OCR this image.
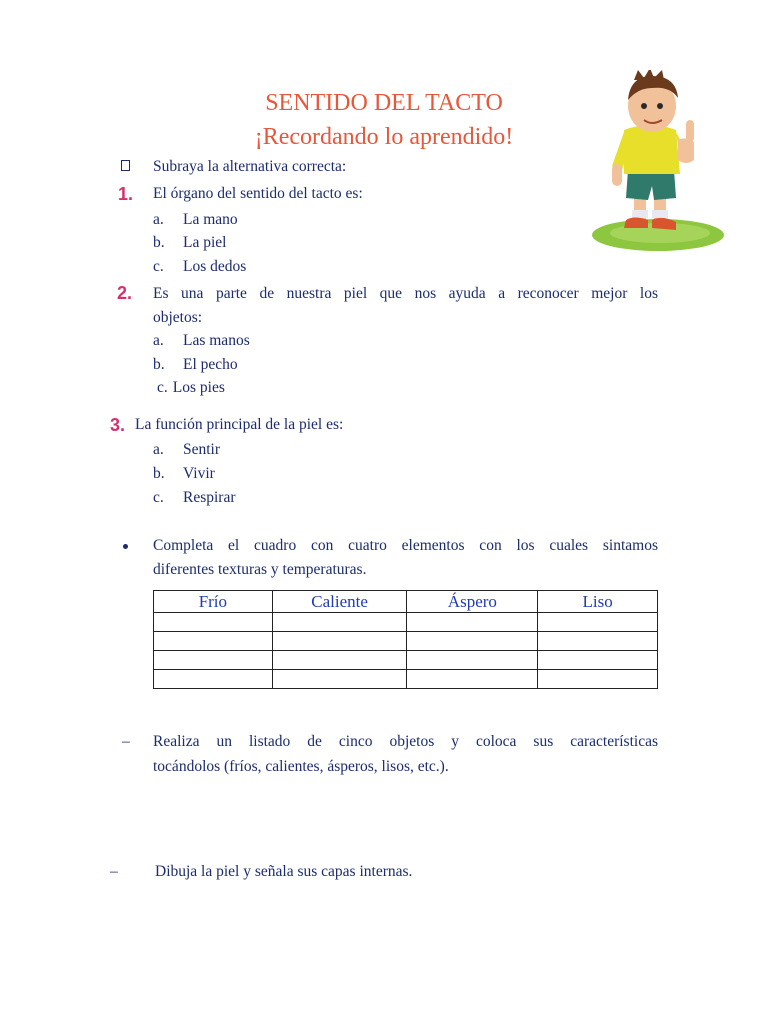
SENTIDO DEL TACTO
¡Recordando lo aprendido!
Subraya la alternativa correcta:
1. El órgano del sentido del tacto es:
a. La mano
b. La piel
c. Los dedos
2. Es una parte de nuestra piel que nos ayuda a reconocer mejor los
objetos:
a. Las manos
b. El pecho
c. Los pies
3. La función principal de la piel es:
a. Sentir
b. Vivir
c. Respirar
Completa el cuadro con cuatro elementos con los cuales sintamos
diferentes texturas y temperaturas.
Frío	Caliente	Áspero	Liso

– Realiza un listado de cinco objetos y coloca sus características
tocándolos (fríos, calientes, ásperos, lisos, etc.).
– Dibuja la piel y señala sus capas internas.
